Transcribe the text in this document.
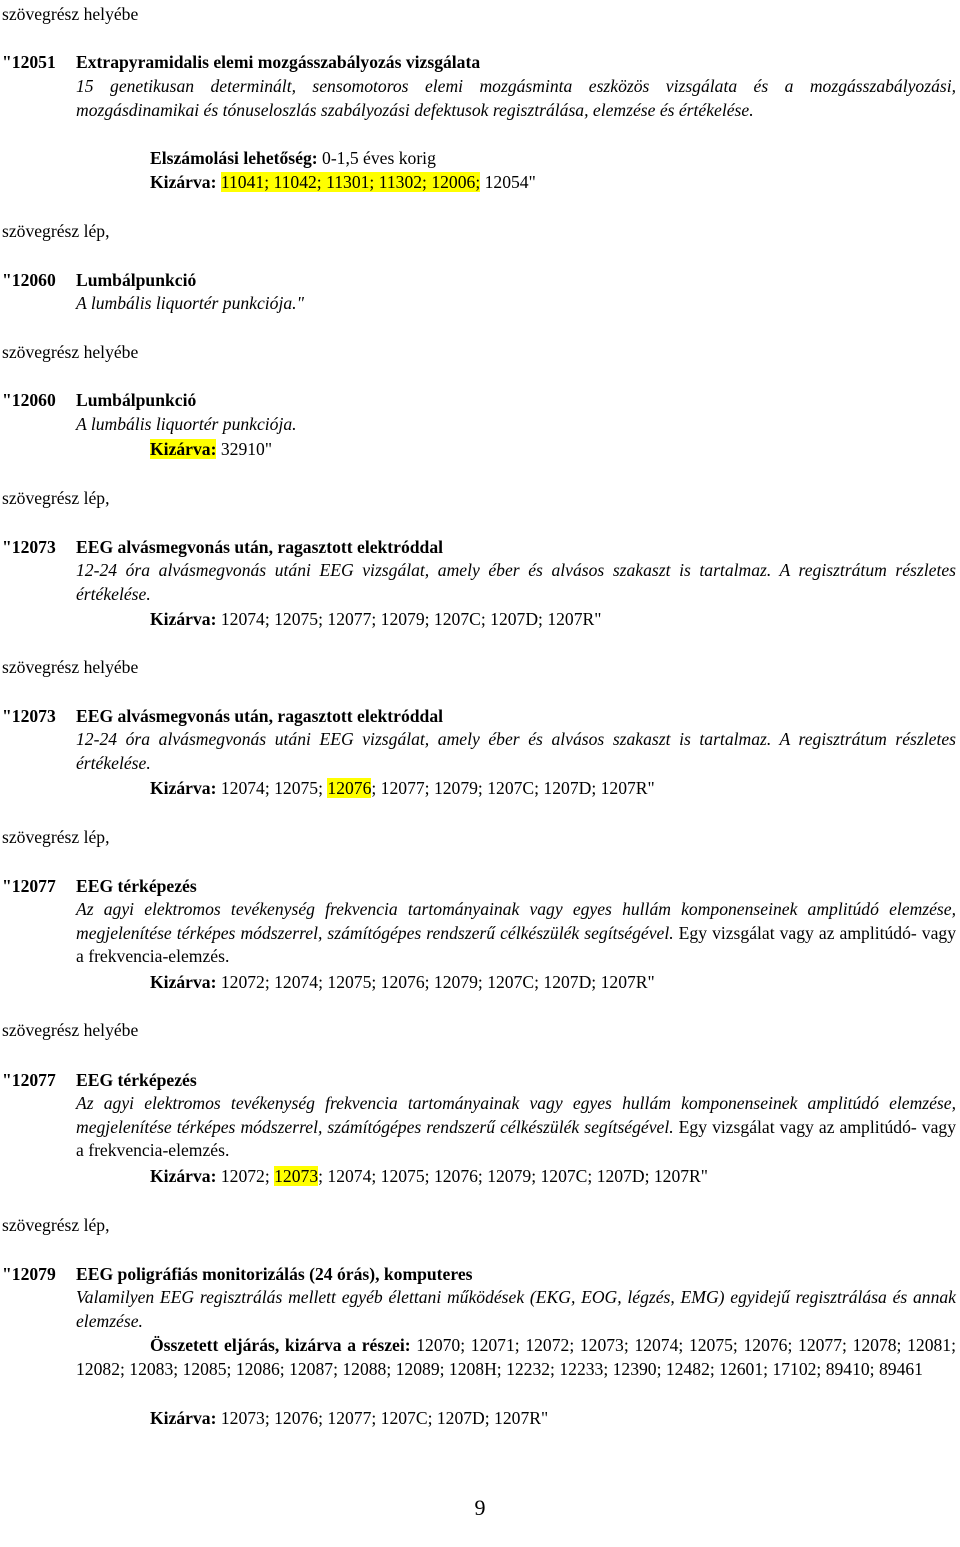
szövegrész helyébe
"12051 Extrapyramidalis elemi mozgásszabályozás vizsgálata
15 genetikusan determinált, sensomotoros elemi mozgásminta eszközös vizsgálata és a mozgásszabályozási, mozgásdinamikai és tónuseloszlás szabályozási defektusok regisztrálása, elemzése és értékelése.
Elszámolási lehetőség: 0-1,5 éves korig
Kizárva: 11041; 11042; 11301; 11302; 12006; 12054"
szövegrész lép,
"12060 Lumbálpunkció
A lumbális liquortér punkciója."
szövegrész helyébe
"12060 Lumbálpunkció
A lumbális liquortér punkciója.
Kizárva: 32910"
szövegrész lép,
"12073 EEG alvásmegvonás után, ragasztott elektróddal
12-24 óra alvásmegvonás utáni EEG vizsgálat, amely éber és alvásos szakaszt is tartalmaz. A regisztrátum részletes értékelése.
Kizárva: 12074; 12075; 12077; 12079; 1207C; 1207D; 1207R"
szövegrész helyébe
"12073 EEG alvásmegvonás után, ragasztott elektróddal
12-24 óra alvásmegvonás utáni EEG vizsgálat, amely éber és alvásos szakaszt is tartalmaz. A regisztrátum részletes értékelése.
Kizárva: 12074; 12075; 12076; 12077; 12079; 1207C; 1207D; 1207R"
szövegrész lép,
"12077 EEG térképezés
Az agyi elektromos tevékenység frekvencia tartományainak vagy egyes hullám komponenseinek amplitúdó elemzése, megjelenítése térképes módszerrel, számítógépes rendszerű célkészülék segítségével. Egy vizsgálat vagy az amplitúdó- vagy a frekvencia-elemzés.
Kizárva: 12072; 12074; 12075; 12076; 12079; 1207C; 1207D; 1207R"
szövegrész helyébe
"12077 EEG térképezés
Az agyi elektromos tevékenység frekvencia tartományainak vagy egyes hullám komponenseinek amplitúdó elemzése, megjelenítése térképes módszerrel, számítógépes rendszerű célkészülék segítségével. Egy vizsgálat vagy az amplitúdó- vagy a frekvencia-elemzés.
Kizárva: 12072; 12073; 12074; 12075; 12076; 12079; 1207C; 1207D; 1207R"
szövegrész lép,
"12079 EEG poligráfiás monitorizálás (24 órás), komputeres
Valamilyen EEG regisztrálás mellett egyéb élettani működések (EKG, EOG, légzés, EMG) egyidejű regisztrálása és annak elemzése.
Összetett eljárás, kizárva a részei: 12070; 12071; 12072; 12073; 12074; 12075; 12076; 12077; 12078; 12081; 12082; 12083; 12085; 12086; 12087; 12088; 12089; 1208H; 12232; 12233; 12390; 12482; 12601; 17102; 89410; 89461
Kizárva: 12073; 12076; 12077; 1207C; 1207D; 1207R"
9
